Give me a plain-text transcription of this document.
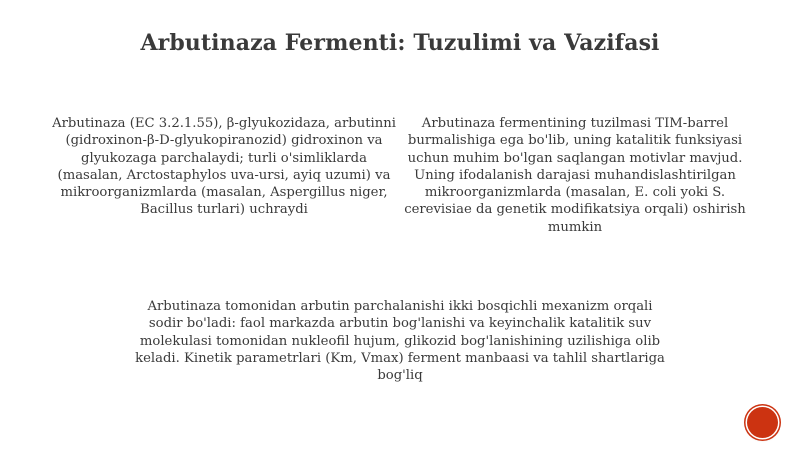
Arbutinaza Fermenti: Tuzulimi va Vazifasi
Arbutinaza (EC 3.2.1.55), β-glyukozidaza, arbutinni (gidroxinon-β-D-glyukopiranozid) gidroxinon va glyukozaga parchalaydi; turli o'simliklarda (masalan, Arctostaphylos uva-ursi, ayiq uzumi) va mikroorganizmlarda (masalan, Aspergillus niger, Bacillus turlari) uchraydi
Arbutinaza fermentining tuzilmasi TIM-barrel burmalishiga ega bo'lib, uning katalitik funksiyasi uchun muhim bo'lgan saqlangan motivlar mavjud. Uning ifodalanish darajasi muhandislashtirilgan mikroorganizmlarda (masalan, E. coli yoki S. cerevisiae da genetik modifikatsiya orqali) oshirish mumkin
Arbutinaza tomonidan arbutin parchalanishi ikki bosqichli mexanizm orqali sodir bo'ladi: faol markazda arbutin bog'lanishi va keyinchalik katalitik suv molekulasi tomonidan nukleofil hujum, glikozid bog'lanishining uzilishiga olib keladi. Kinetik parametrlari (Km, Vmax) ferment manbaasi va tahlil shartlariga bog'liq
